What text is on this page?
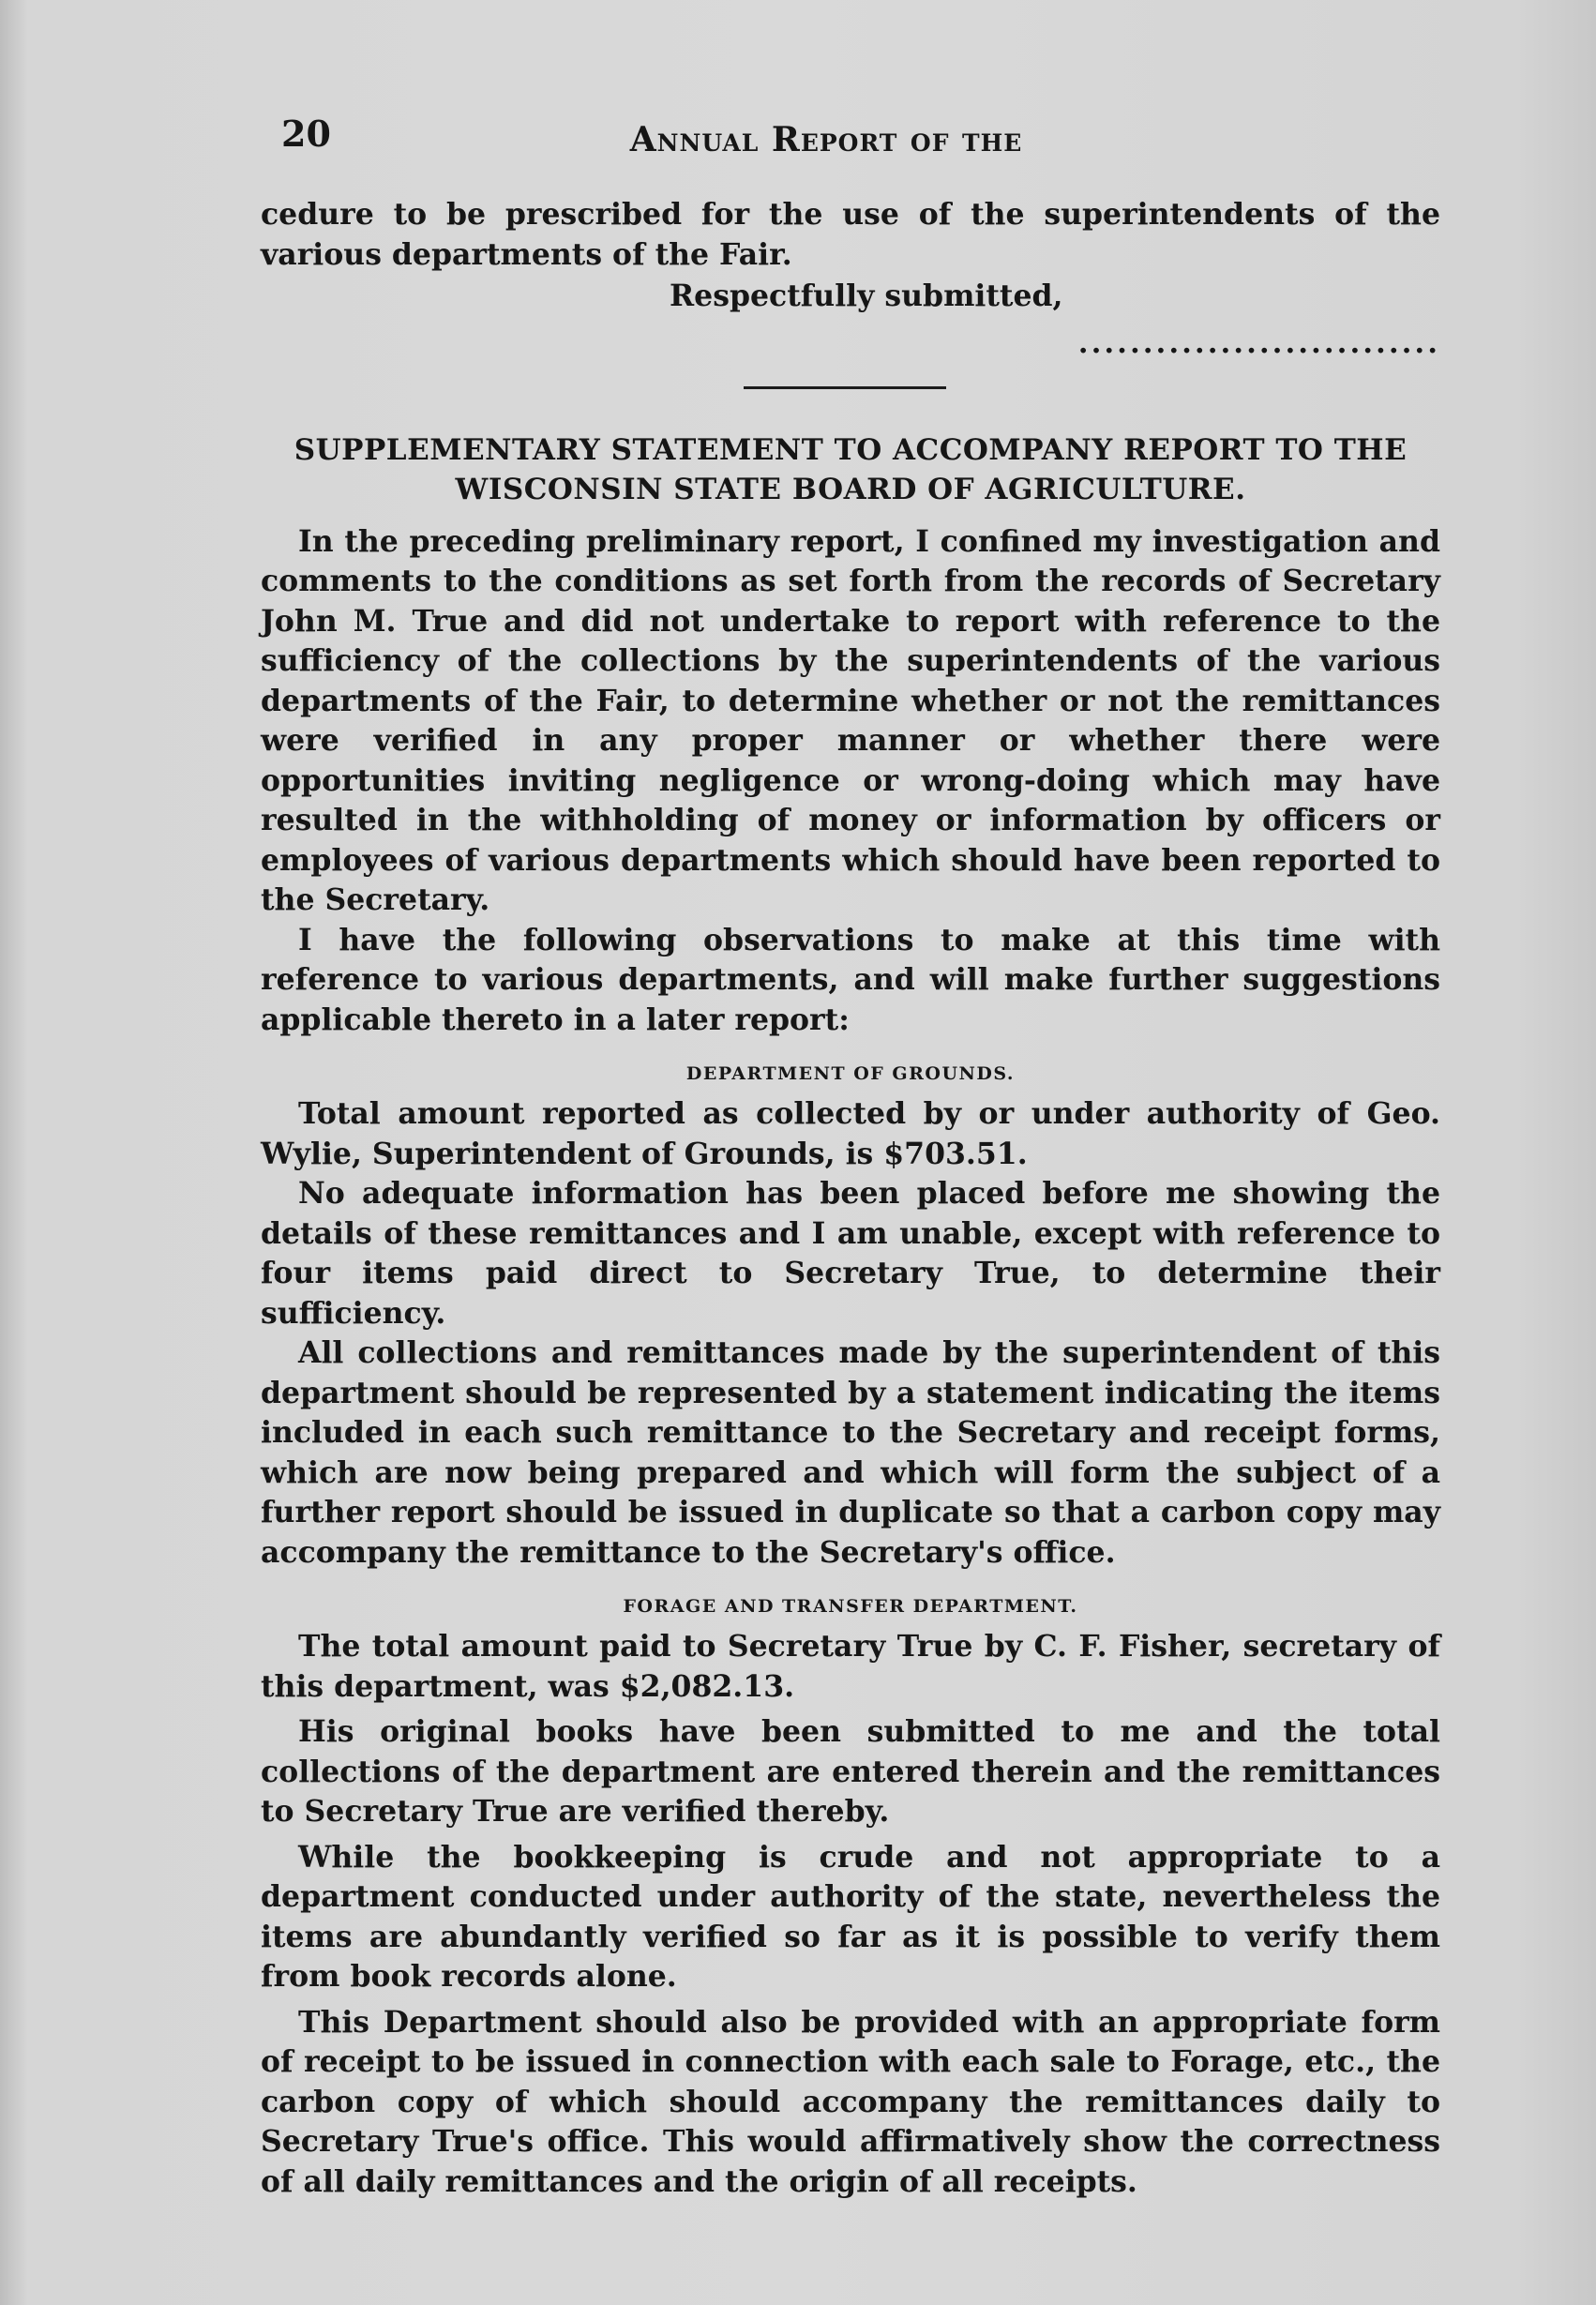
20	Annual Report of the

cedure to be prescribed for the use of the superintendents of the various departments of the Fair.

Respectfully submitted,

............................
SUPPLEMENTARY STATEMENT TO ACCOMPANY REPORT TO THE WISCONSIN STATE BOARD OF AGRICULTURE.

In the preceding preliminary report, I confined my investigation and comments to the conditions as set forth from the records of Secretary John M. True and did not undertake to report with reference to the sufficiency of the collections by the superintendents of the various departments of the Fair, to determine whether or not the remittances were verified in any proper manner or whether there were opportunities inviting negligence or wrong-doing which may have resulted in the withholding of money or information by officers or employees of various departments which should have been reported to the Secretary.

I have the following observations to make at this time with reference to various departments, and will make further suggestions applicable thereto in a later report:

DEPARTMENT OF GROUNDS.

Total amount reported as collected by or under authority of Geo. Wylie, Superintendent of Grounds, is $703.51.

No adequate information has been placed before me showing the details of these remittances and I am unable, except with reference to four items paid direct to Secretary True, to determine their sufficiency.

All collections and remittances made by the superintendent of this department should be represented by a statement indicating the items included in each such remittance to the Secretary and receipt forms, which are now being prepared and which will form the subject of a further report should be issued in duplicate so that a carbon copy may accompany the remittance to the Secretary's office.

FORAGE AND TRANSFER DEPARTMENT.

The total amount paid to Secretary True by C. F. Fisher, secretary of this department, was $2,082.13.

His original books have been submitted to me and the total collections of the department are entered therein and the remittances to Secretary True are verified thereby.

While the bookkeeping is crude and not appropriate to a department conducted under authority of the state, nevertheless the items are abundantly verified so far as it is possible to verify them from book records alone.

This Department should also be provided with an appropriate form of receipt to be issued in connection with each sale to Forage, etc., the carbon copy of which should accompany the remittances daily to Secretary True's office. This would affirmatively show the correctness of all daily remittances and the origin of all receipts.
